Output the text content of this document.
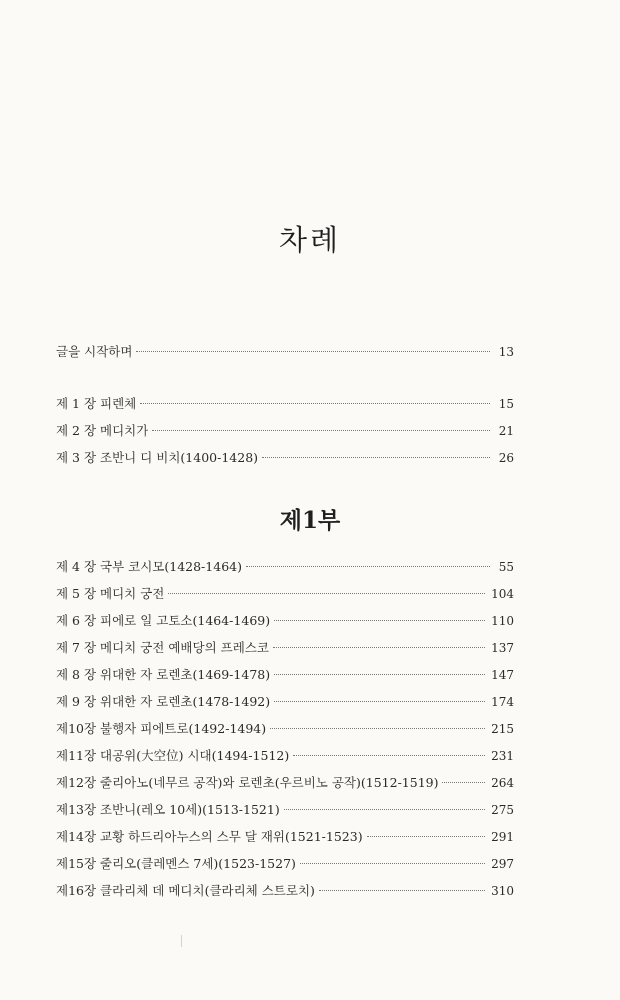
차례
글을 시작하며	13
제 1 장 피렌체	15
제 2 장 메디치가	21
제 3 장 조반니 디 비치(1400-1428)	26
제1부
제 4 장 국부 코시모(1428-1464)	55
제 5 장 메디치 궁전	104
제 6 장 피에로 일 고토소(1464-1469)	110
제 7 장 메디치 궁전 예배당의 프레스코	137
제 8 장 위대한 자 로렌초(1469-1478)	147
제 9 장 위대한 자 로렌초(1478-1492)	174
제10장 불행자 피에트로(1492-1494)	215
제11장 대공위(大空位) 시대(1494-1512)	231
제12장 줄리아노(네무르 공작)와 로렌초(우르비노 공작)(1512-1519)	264
제13장 조반니(레오 10세)(1513-1521)	275
제14장 교황 하드리아누스의 스무 달 재위(1521-1523)	291
제15장 줄리오(클레멘스 7세)(1523-1527)	297
제16장 클라리체 데 메디치(클라리체 스트로치)	310
